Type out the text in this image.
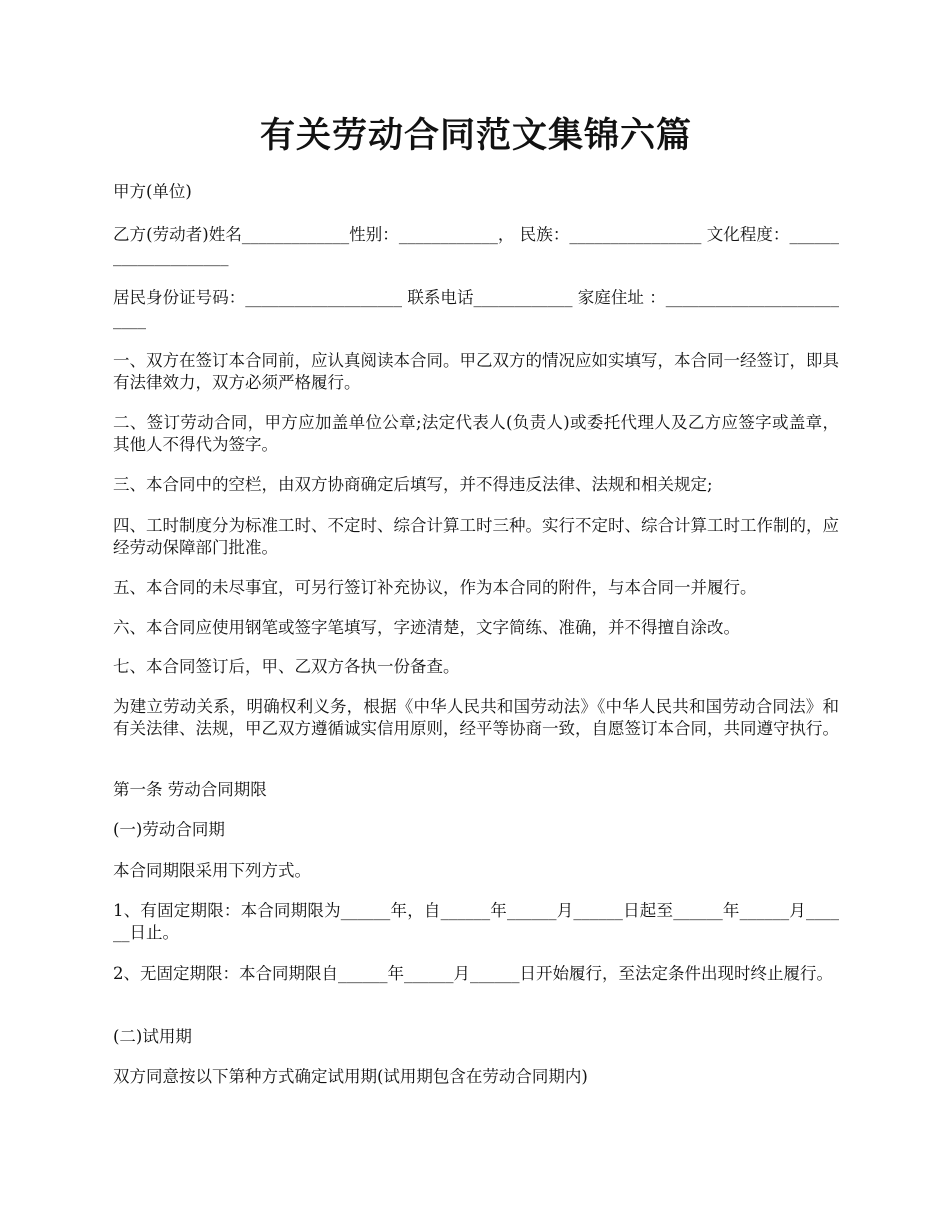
有关劳动合同范文集锦六篇

甲方(单位)

乙方(劳动者)姓名_____________性别：____________， 民族：________________ 文化程度：____________________

居民身份证号码：___________________ 联系电话____________ 家庭住址 ：_________________________

一、双方在签订本合同前，应认真阅读本合同。甲乙双方的情况应如实填写，本合同一经签订，即具有法律效力，双方必须严格履行。

二、签订劳动合同，甲方应加盖单位公章;法定代表人(负责人)或委托代理人及乙方应签字或盖章，其他人不得代为签字。

三、本合同中的空栏，由双方协商确定后填写，并不得违反法律、法规和相关规定;

四、工时制度分为标准工时、不定时、综合计算工时三种。实行不定时、综合计算工时工作制的，应经劳动保障部门批准。

五、本合同的未尽事宜，可另行签订补充协议，作为本合同的附件，与本合同一并履行。

六、本合同应使用钢笔或签字笔填写，字迹清楚，文字简练、准确，并不得擅自涂改。

七、本合同签订后，甲、乙双方各执一份备查。

为建立劳动关系，明确权利义务，根据《中华人民共和国劳动法》《中华人民共和国劳动合同法》和有关法律、法规，甲乙双方遵循诚实信用原则，经平等协商一致，自愿签订本合同，共同遵守执行。

第一条 劳动合同期限

(一)劳动合同期

本合同期限采用下列方式。

1、有固定期限：本合同期限为______年，自______年______月______日起至______年______月______日止。

2、无固定期限：本合同期限自______年______月______日开始履行，至法定条件出现时终止履行。

(二)试用期

双方同意按以下第种方式确定试用期(试用期包含在劳动合同期内)
